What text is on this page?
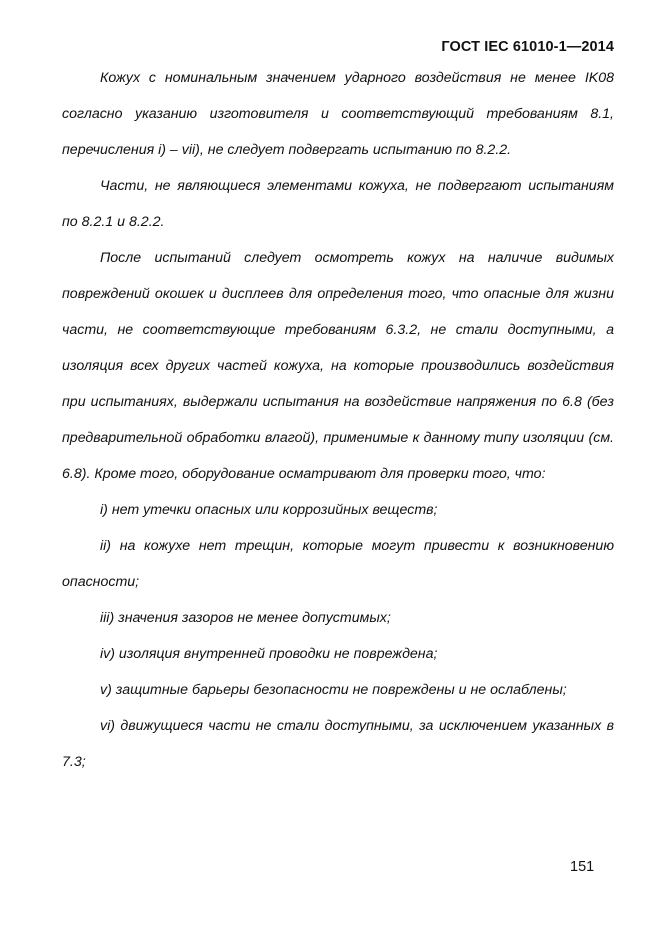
ГОСТ IEC 61010-1—2014

Кожух с номинальным значением ударного воздействия не менее IK08 согласно указанию изготовителя и соответствующий требованиям 8.1, перечисления i) – vii), не следует подвергать испытанию по 8.2.2.

Части, не являющиеся элементами кожуха, не подвергают испытаниям по 8.2.1 и 8.2.2.

После испытаний следует осмотреть кожух на наличие видимых повреждений окошек и дисплеев для определения того, что опасные для жизни части, не соответствующие требованиям 6.3.2, не стали доступными, а изоляция всех других частей кожуха, на которые производились воздействия при испытаниях, выдержали испытания на воздействие напряжения по 6.8 (без предварительной обработки влагой), применимые к данному типу изоляции (см. 6.8). Кроме того, оборудование осматривают для проверки того, что:

i) нет утечки опасных или коррозийных веществ;

ii) на кожухе нет трещин, которые могут привести к возникновению опасности;

iii) значения зазоров не менее допустимых;

iv) изоляция внутренней проводки не повреждена;

v) защитные барьеры безопасности не повреждены и не ослаблены;

vi) движущиеся части не стали доступными, за исключением указанных в 7.3;

151
